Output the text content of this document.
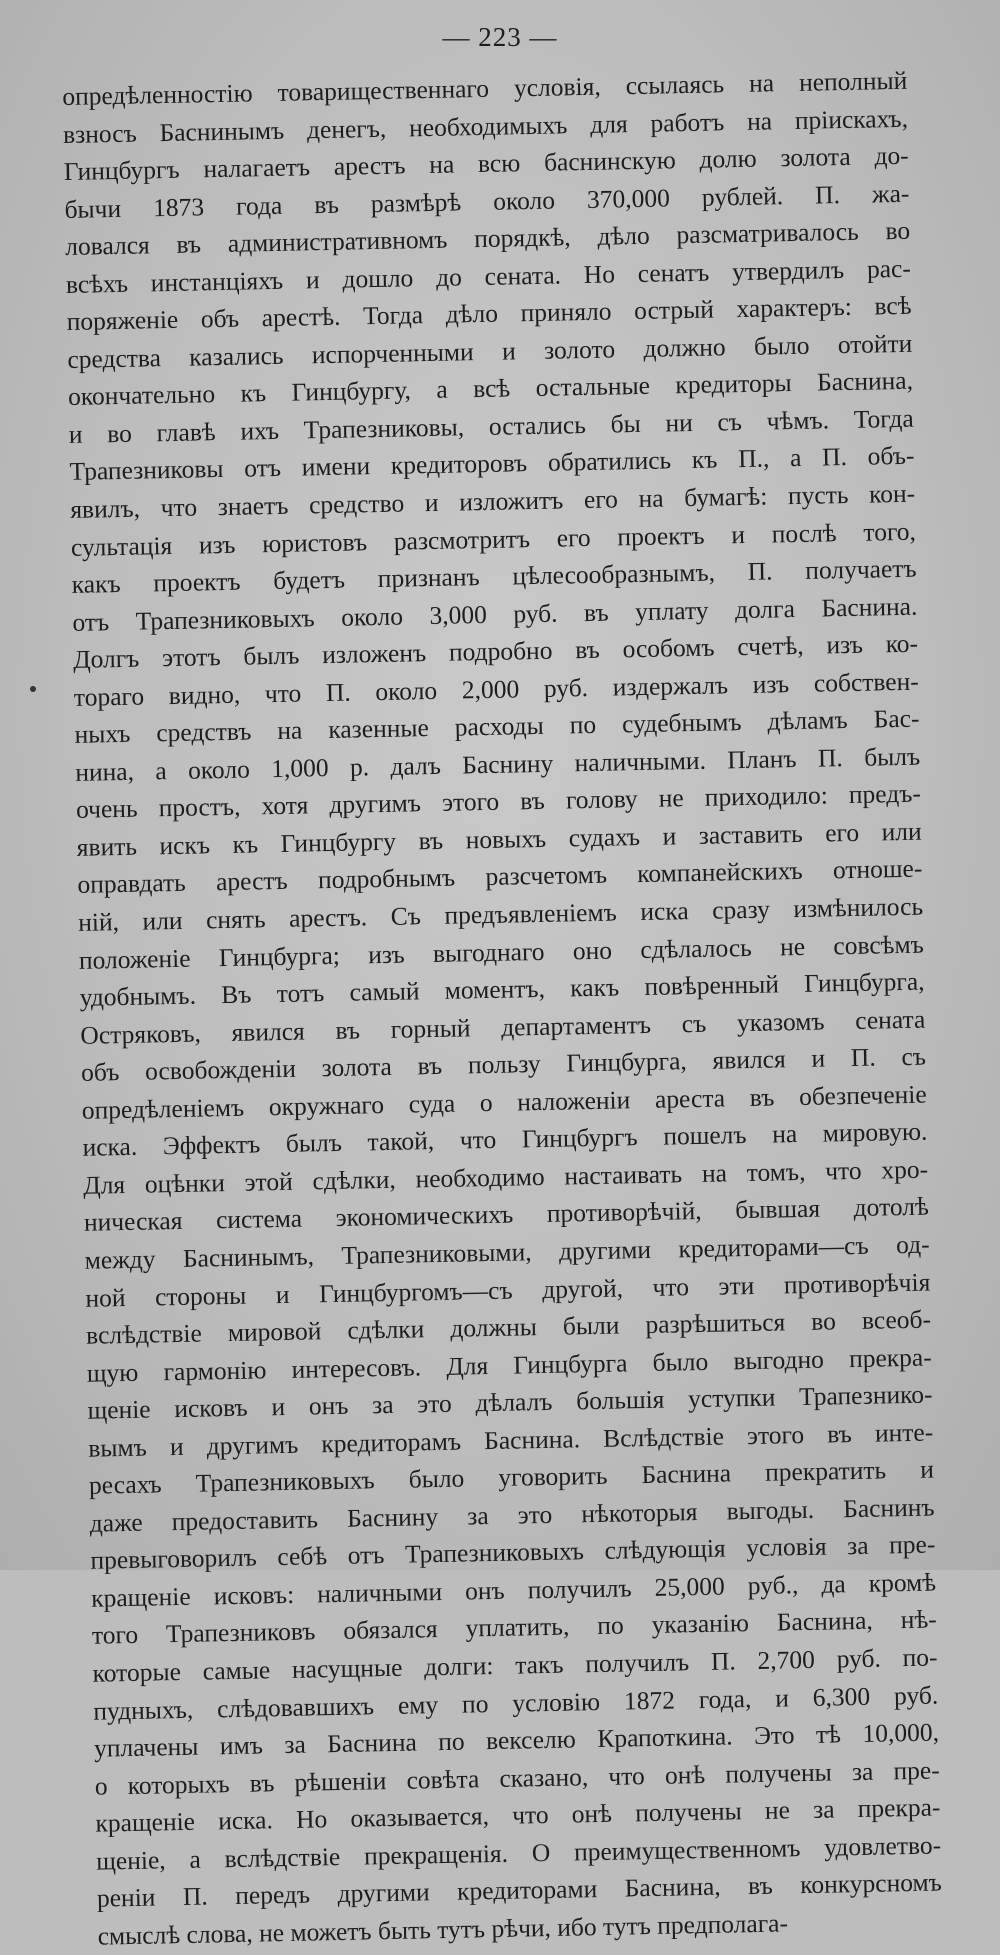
— 223 —
опредѣленностію товарищественнаго условія, ссылаясь на неполный
взносъ Баснинымъ денегъ, необходимыхъ для работъ на пріискахъ,
Гинцбургъ налагаетъ арестъ на всю баснинскую долю золота до-
бычи 1873 года въ размѣрѣ около 370,000 рублей. П. жа-
ловался въ административномъ порядкѣ, дѣло разсматривалось во
всѣхъ инстанціяхъ и дошло до сената. Но сенатъ утвердилъ рас-
поряженіе объ арестѣ. Тогда дѣло приняло острый характеръ: всѣ
средства казались испорченными и золото должно было отойти
окончательно къ Гинцбургу, а всѣ остальные кредиторы Баснина,
и во главѣ ихъ Трапезниковы, остались бы ни съ чѣмъ. Тогда
Трапезниковы отъ имени кредиторовъ обратились къ П., а П. объ-
явилъ, что знаетъ средство и изложитъ его на бумагѣ: пусть кон-
сультація изъ юристовъ разсмотритъ его проектъ и послѣ того,
какъ проектъ будетъ признанъ цѣлесообразнымъ, П. получаетъ
отъ Трапезниковыхъ около 3,000 руб. въ уплату долга Баснина.
Долгъ этотъ былъ изложенъ подробно въ особомъ счетѣ, изъ ко-
тораго видно, что П. около 2,000 руб. издержалъ изъ собствен-
ныхъ средствъ на казенные расходы по судебнымъ дѣламъ Бас-
нина, а около 1,000 р. далъ Баснину наличными. Планъ П. былъ
очень простъ, хотя другимъ этого въ голову не приходило: предъ-
явить искъ къ Гинцбургу въ новыхъ судахъ и заставить его или
оправдать арестъ подробнымъ разсчетомъ компанейскихъ отноше-
ній, или снять арестъ. Съ предъявленіемъ иска сразу измѣнилось
положеніе Гинцбурга; изъ выгоднаго оно сдѣлалось не совсѣмъ
удобнымъ. Въ тотъ самый моментъ, какъ повѣренный Гинцбурга,
Остряковъ, явился въ горный департаментъ съ указомъ сената
объ освобожденіи золота въ пользу Гинцбурга, явился и П. съ
опредѣленіемъ окружнаго суда о наложеніи ареста въ обезпеченіе
иска. Эффектъ былъ такой, что Гинцбургъ пошелъ на мировую.
Для оцѣнки этой сдѣлки, необходимо настаивать на томъ, что хро-
ническая система экономическихъ противорѣчій, бывшая дотолѣ
между Баснинымъ, Трапезниковыми, другими кредиторами—съ од-
ной стороны и Гинцбургомъ—съ другой, что эти противорѣчія
вслѣдствіе мировой сдѣлки должны были разрѣшиться во всеоб-
щую гармонію интересовъ. Для Гинцбурга было выгодно прекра-
щеніе исковъ и онъ за это дѣлалъ большія уступки Трапезнико-
вымъ и другимъ кредиторамъ Баснина. Вслѣдствіе этого въ инте-
ресахъ Трапезниковыхъ было уговорить Баснина прекратить и
даже предоставить Баснину за это нѣкоторыя выгоды. Баснинъ
превыговорилъ себѣ отъ Трапезниковыхъ слѣдующія условія за пре-
кращеніе исковъ: наличными онъ получилъ 25,000 руб., да кромѣ
того Трапезниковъ обязался уплатить, по указанію Баснина, нѣ-
которые самые насущные долги: такъ получилъ П. 2,700 руб. по-
пудныхъ, слѣдовавшихъ ему по условію 1872 года, и 6,300 руб.
уплачены имъ за Баснина по векселю Крапоткина. Это тѣ 10,000,
о которыхъ въ рѣшеніи совѣта сказано, что онѣ получены за пре-
кращеніе иска. Но оказывается, что онѣ получены не за прекра-
щеніе, а вслѣдствіе прекращенія. О преимущественномъ удовлетво-
реніи П. передъ другими кредиторами Баснина, въ конкурсномъ
смыслѣ слова, не можетъ быть тутъ рѣчи, ибо тутъ предполага-
